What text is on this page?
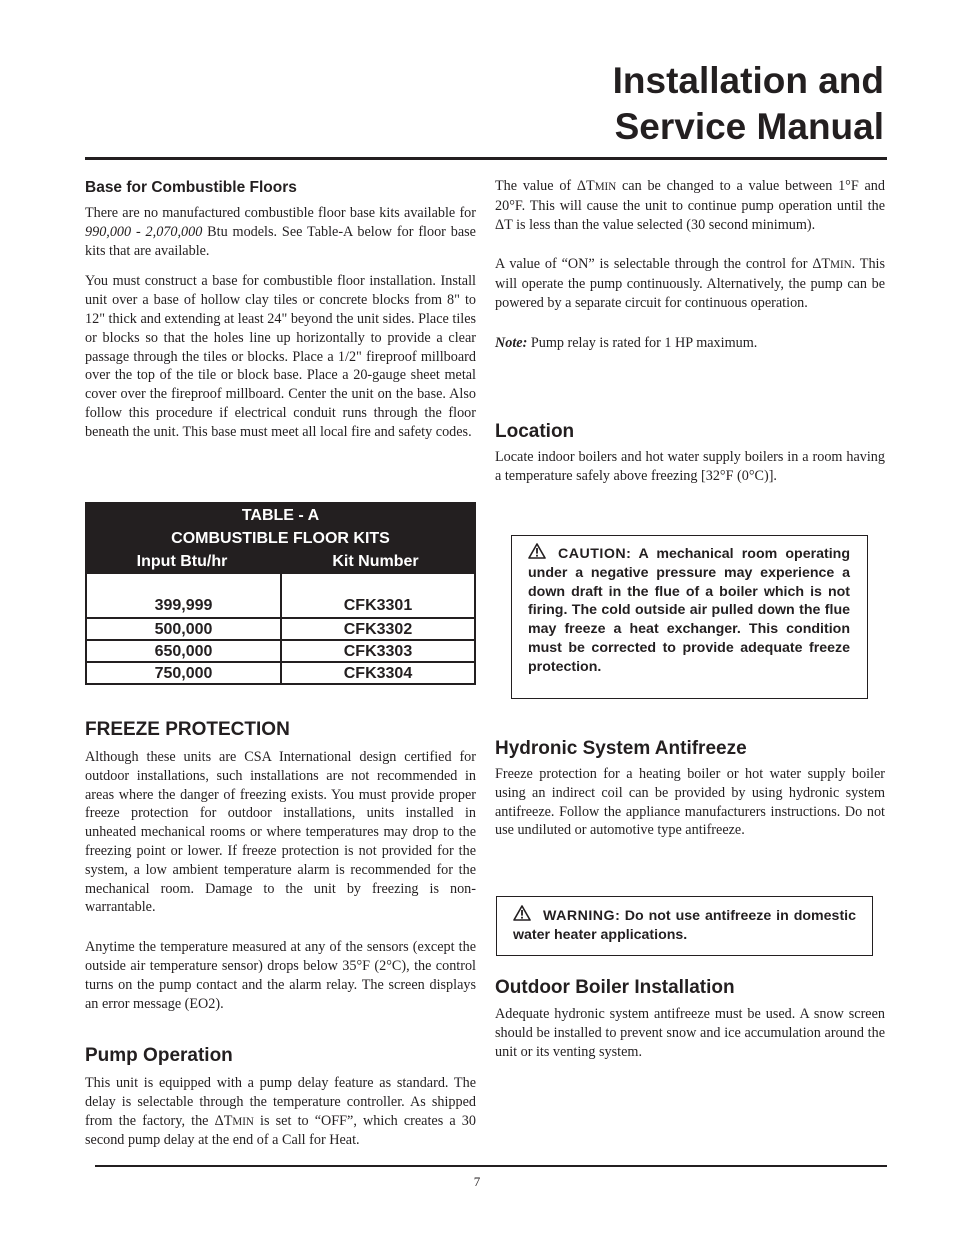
Installation and
Service Manual
Base for Combustible Floors

There are no manufactured combustible floor base kits available for 990,000 - 2,070,000 Btu models. See Table-A below for floor base kits that are available.

You must construct a base for combustible floor installation. Install unit over a base of hollow clay tiles or concrete blocks from 8" to 12" thick and extending at least 24" beyond the unit sides. Place tiles or blocks so that the holes line up horizontally to provide a clear passage through the tiles or blocks. Place a 1/2" fireproof millboard over the top of the tile or block base. Place a 20-gauge sheet metal cover over the fireproof millboard. Center the unit on the base. Also follow this procedure if electrical conduit runs through the floor beneath the unit. This base must meet all local fire and safety codes.

TABLE - A
COMBUSTIBLE FLOOR KITS
Input Btu/hr	Kit Number
399,999
500,000
650,000
750,000
CFK3301
CFK3302
CFK3303
CFK3304
FREEZE PROTECTION

Although these units are CSA International design certified for outdoor installations, such installations are not recommended in areas where the danger of freezing exists. You must provide proper freeze protection for outdoor installations, units installed in unheated mechanical rooms or where temperatures may drop to the freezing point or lower. If freeze protection is not provided for the system, a low ambient temperature alarm is recommended for the mechanical room. Damage to the unit by freezing is non-warrantable.

Anytime the temperature measured at any of the sensors (except the outside air temperature sensor) drops below 35°F (2°C), the control turns on the pump contact and the alarm relay. The screen displays an error message (EO2).

Pump Operation

This unit is equipped with a pump delay feature as standard. The delay is selectable through the temperature controller. As shipped from the factory, the ΔTMIN is set to “OFF”, which creates a 30 second pump delay at the end of a Call for Heat.

The value of ΔTMIN can be changed to a value between 1°F and 20°F. This will cause the unit to continue pump operation until the ΔT is less than the value selected (30 second minimum).

A value of “ON” is selectable through the control for ΔTMIN. This will operate the pump continuously. Alternatively, the pump can be powered by a separate circuit for continuous operation.

Note: Pump relay is rated for 1 HP maximum.

Location

Locate indoor boilers and hot water supply boilers in a room having a temperature safely above freezing [32°F (0°C)].

CAUTION: A mechanical room operating under a negative pressure may experience a down draft in the flue of a boiler which is not firing. The cold outside air pulled down the flue may freeze a heat exchanger. This condition must be corrected to provide adequate freeze protection.
Hydronic System Antifreeze

Freeze protection for a heating boiler or hot water supply boiler using an indirect coil can be provided by using hydronic system antifreeze. Follow the appliance manufacturers instructions. Do not use undiluted or automotive type antifreeze.

WARNING: Do not use antifreeze in domestic water heater applications.
Outdoor Boiler Installation

Adequate hydronic system antifreeze must be used. A snow screen should be installed to prevent snow and ice accumulation around the unit or its venting system.

7
